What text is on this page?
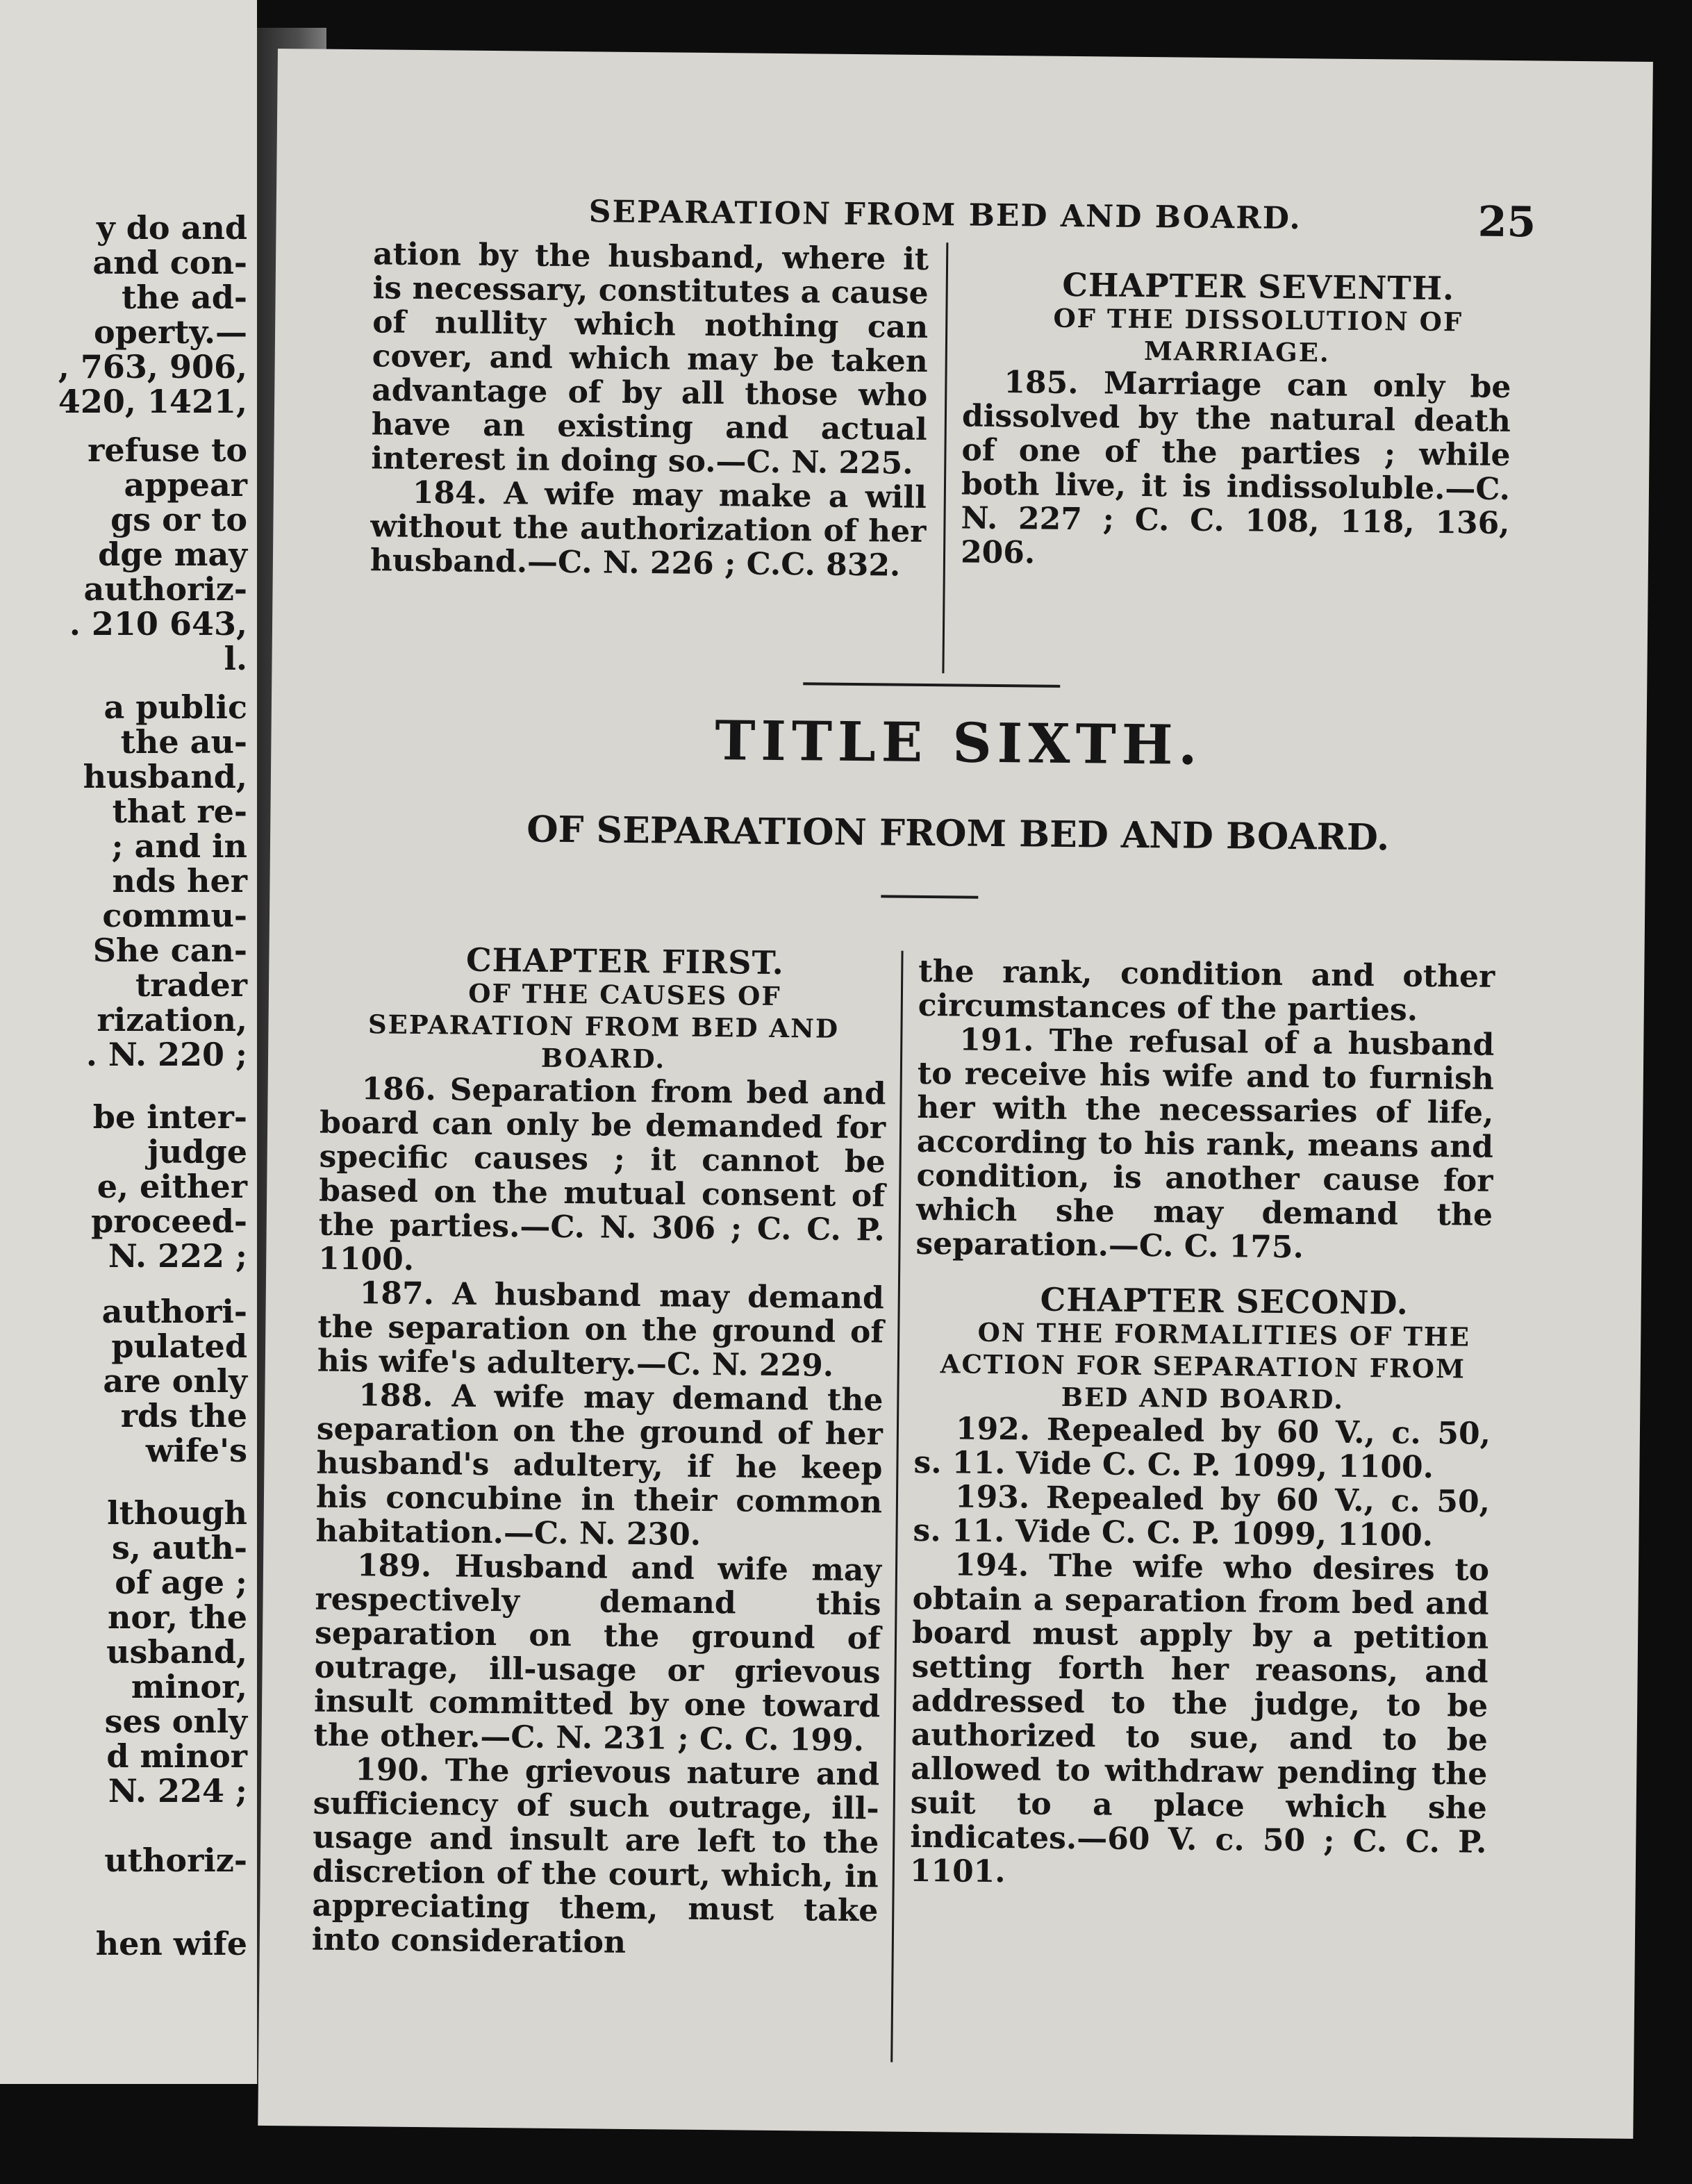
y do and
and con-
the ad-
operty.—
, 763, 906,
420, 1421,
refuse to
appear
gs or to
dge may
authoriz-
. 210 643,
l.
a public
the au-
husband,
that re-
; and in
nds her
commu-
She can-
trader
rization,
. N. 220 ;
be inter-
judge
e, either
proceed-
N. 222 ;
authori-
pulated
are only
rds the
wife's
lthough
s, auth-
of age ;
nor, the
usband,
minor,
ses only
d minor
N. 224 ;
uthoriz-
hen wife
SEPARATION FROM BED AND BOARD.	25

ation by the husband, where it is necessary, constitutes a cause of nullity which nothing can cover, and which may be taken advantage of by all those who have an existing and actual interest in doing so.—C. N. 225.

184. A wife may make a will without the authorization of her husband.—C. N. 226 ; C.C. 832.

CHAPTER SEVENTH.

OF THE DISSOLUTION OF MARRIAGE.

185. Marriage can only be dissolved by the natural death of one of the parties ; while both live, it is indissoluble.—C. N. 227 ; C. C. 108, 118, 136, 206.

TITLE SIXTH.
OF SEPARATION FROM BED AND BOARD.

CHAPTER FIRST.

OF THE CAUSES OF SEPARATION FROM BED AND BOARD.

186. Separation from bed and board can only be demanded for specific causes ; it cannot be based on the mutual consent of the parties.—C. N. 306 ; C. C. P. 1100.

187. A husband may demand the separation on the ground of his wife's adultery.—C. N. 229.

188. A wife may demand the separation on the ground of her husband's adultery, if he keep his concubine in their common habitation.—C. N. 230.

189. Husband and wife may respectively demand this separation on the ground of outrage, ill-usage or grievous insult committed by one toward the other.—C. N. 231 ; C. C. 199.

190. The grievous nature and sufficiency of such outrage, ill-usage and insult are left to the discretion of the court, which, in appreciating them, must take into consideration

the rank, condition and other circumstances of the parties.

191. The refusal of a husband to receive his wife and to furnish her with the necessaries of life, according to his rank, means and condition, is another cause for which she may demand the separation.—C. C. 175.

CHAPTER SECOND.

ON THE FORMALITIES OF THE ACTION FOR SEPARATION FROM BED AND BOARD.

192. Repealed by 60 V., c. 50, s. 11. Vide C. C. P. 1099, 1100.

193. Repealed by 60 V., c. 50, s. 11. Vide C. C. P. 1099, 1100.

194. The wife who desires to obtain a separation from bed and board must apply by a petition setting forth her reasons, and addressed to the judge, to be authorized to sue, and to be allowed to withdraw pending the suit to a place which she indicates.—60 V. c. 50 ; C. C. P. 1101.
